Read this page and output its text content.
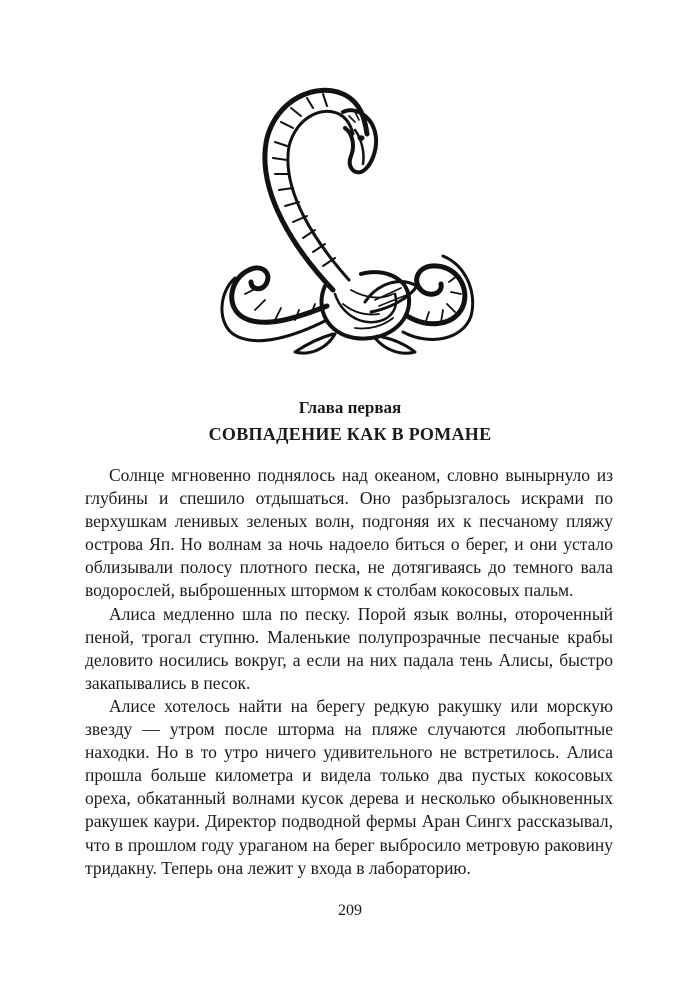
Глава первая
СОВПАДЕНИЕ КАК В РОМАНЕ

Солнце мгновенно поднялось над океаном, словно вынырнуло из глубины и спешило отдышаться. Оно разбрызгалось искрами по верхушкам ленивых зеленых волн, подгоняя их к песчаному пляжу острова Яп. Но волнам за ночь надоело биться о берег, и они устало облизывали полосу плотного песка, не дотягиваясь до темного вала водорослей, выброшенных штормом к столбам кокосовых пальм.

Алиса медленно шла по песку. Порой язык волны, отороченный пеной, трогал ступню. Маленькие полупрозрачные песчаные крабы деловито носились вокруг, а если на них падала тень Алисы, быстро закапывались в песок.

Алисе хотелось найти на берегу редкую ракушку или морскую звезду — утром после шторма на пляже случаются любопытные находки. Но в то утро ничего удивительного не встретилось. Алиса прошла больше километра и видела только два пустых кокосовых ореха, обкатанный волнами кусок дерева и несколько обыкновенных ракушек каури. Директор подводной фермы Аран Сингх рассказывал, что в прошлом году ураганом на берег выбросило метровую раковину тридакну. Теперь она лежит у входа в лабораторию.

209
